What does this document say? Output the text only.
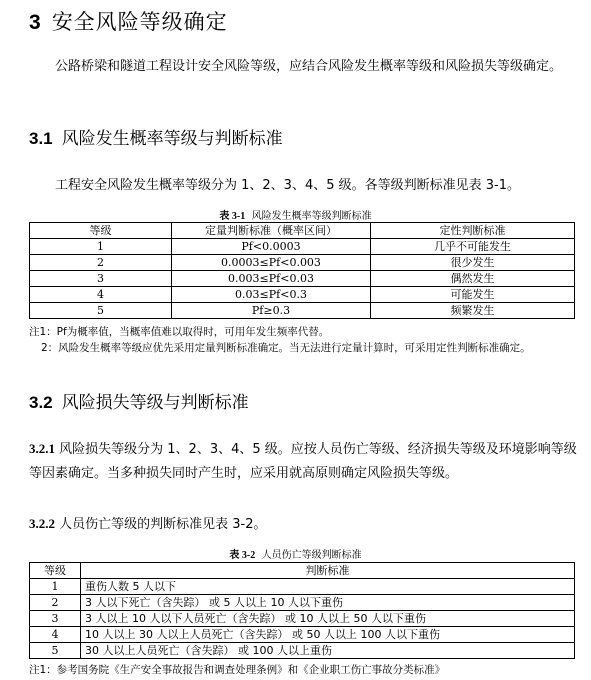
3 安全风险等级确定

公路桥梁和隧道工程设计安全风险等级，应结合风险发生概率等级和风险损失等级确定。

3.1 风险发生概率等级与判断标准

工程安全风险发生概率等级分为 1、2、3、4、5 级。各等级判断标准见表 3-1。

表 3-1 风险发生概率等级判断标准

等级	定量判断标准（概率区间）	定性判断标准
1	Pf<0.0003	几乎不可能发生
2	0.0003≤Pf<0.003	很少发生
3	0.003≤Pf<0.03	偶然发生
4	0.03≤Pf<0.3	可能发生
5	Pf≥0.3	频繁发生

注1：Pf为概率值，当概率值难以取得时，可用年发生频率代替。

2：风险发生概率等级应优先采用定量判断标准确定。当无法进行定量计算时，可采用定性判断标准确定。

3.2 风险损失等级与判断标准

3.2.1 风险损失等级分为 1、2、3、4、5 级。应按人员伤亡等级、经济损失等级及环境影响等级等因素确定。当多种损失同时产生时，应采用就高原则确定风险损失等级。

3.2.2 人员伤亡等级的判断标准见表 3-2。

表 3-2 人员伤亡等级判断标准

等级	判断标准
1	重伤人数 5 人以下
2	3 人以下死亡（含失踪） 或 5 人以上 10 人以下重伤
3	3 人以上 10 人以下人员死亡（含失踪） 或 10 人以上 50 人以下重伤
4	10 人以上 30 人以上人员死亡（含失踪） 或 50 人以上 100 人以下重伤
5	30 人以上人员死亡（含失踪） 或 100 人以上重伤

注1：参考国务院《生产安全事故报告和调查处理条例》和《企业职工伤亡事故分类标准》
